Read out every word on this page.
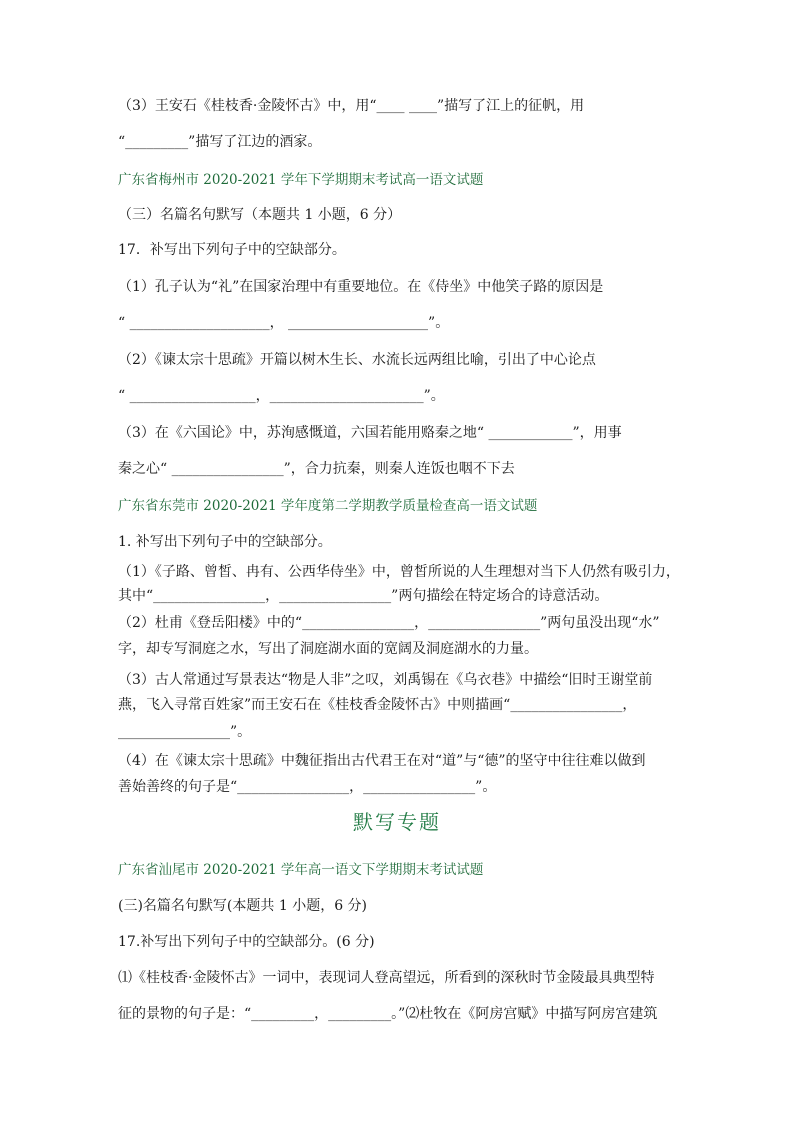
（3）王安石《桂枝香·金陵怀古》中，用“____ ____”描写了江上的征帆，用
“_________”描写了江边的酒家。
广东省梅州市 2020-2021 学年下学期期末考试高一语文试题
（三）名篇名句默写（本题共 1 小题，6 分）
17．补写出下列句子中的空缺部分。
（1）孔子认为“礼”在国家治理中有重要地位。在《侍坐》中他笑子路的原因是
“ ____________________， ____________________”。
（2）《谏太宗十思疏》开篇以树木生长、水流长远两组比喻，引出了中心论点
“ __________________，______________________”。
（3）在《六国论》中，苏洵感慨道，六国若能用赂秦之地“ ____________”，用事
秦之心“ ________________”，合力抗秦，则秦人连饭也咽不下去
广东省东莞市 2020-2021 学年度第二学期教学质量检查高一语文试题
1. 补写出下列句子中的空缺部分。
（1）《子路、曾皙、冉有、公西华侍坐》中，曾皙所说的人生理想对当下人仍然有吸引力，
其中“________________，________________”两句描绘在特定场合的诗意活动。
（2）杜甫《登岳阳楼》中的“________________，________________”两句虽没出现“水”
字，却专写洞庭之水，写出了洞庭湖水面的宽阔及洞庭湖水的力量。
（3）古人常通过写景表达“物是人非”之叹，刘禹锡在《乌衣巷》中描绘“旧时王谢堂前
燕，飞入寻常百姓家”而王安石在《桂枝香金陵怀古》中则描画“________________，
________________”。
（4）在《谏太宗十思疏》中魏征指出古代君王在对“道”与“德”的坚守中往往难以做到
善始善终的句子是“________________，________________”。
默写专题
广东省汕尾市 2020-2021 学年高一语文下学期期末考试试题
(三)名篇名句默写(本题共 1 小题，6 分)
17.补写出下列句子中的空缺部分。(6 分)
⑴《桂枝香·金陵怀古》一词中，表现词人登高望远，所看到的深秋时节金陵最具典型特
征的景物的句子是：“_________，_________。”⑵杜牧在《阿房宫赋》中描写阿房宫建筑
